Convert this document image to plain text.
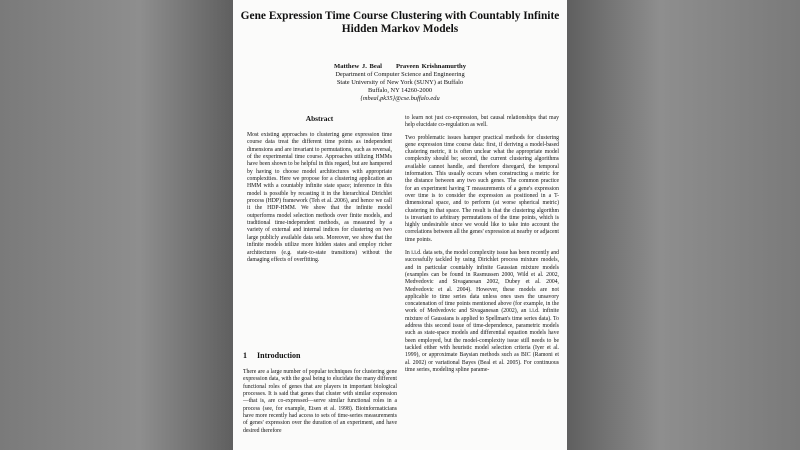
Gene Expression Time Course Clustering with Countably Infinite
Hidden Markov Models
Matthew J. Beal Praveen Krishnamurthy
Department of Computer Science and Engineering
State University of New York (SUNY) at Buffalo
Buffalo, NY 14260-2000
{mbeal,pk35}@cse.buffalo.edu
Abstract

Most existing approaches to clustering gene expression time course data treat the different time points as independent dimensions and are invariant to permutations, such as reversal, of the experimental time course. Approaches utilizing HMMs have been shown to be helpful in this regard, but are hampered by having to choose model architectures with appropriate complexities. Here we propose for a clustering application an HMM with a countably infinite state space; inference in this model is possible by recasting it in the hierarchical Dirichlet process (HDP) framework (Teh et al. 2006), and hence we call it the HDP-HMM. We show that the infinite model outperforms model selection methods over finite models, and traditional time-independent methods, as measured by a variety of external and internal indices for clustering on two large publicly available data sets. Moreover, we show that the infinite models utilize more hidden states and employ richer architectures (e.g. state-to-state transitions) without the damaging effects of overfitting.

1 Introduction

There are a large number of popular techniques for clustering gene expression data, with the goal being to elucidate the many different functional roles of genes that are players in important biological processes. It is said that genes that cluster with similar expression—that is, are co-expressed—serve similar functional roles in a process (see, for example, Eisen et al. 1998). Bioinformaticians have more recently had access to sets of time-series measurements of genes' expression over the duration of an experiment, and have desired therefore

to learn not just co-expression, but causal relationships that may help elucidate co-regulation as well.

Two problematic issues hamper practical methods for clustering gene expression time course data: first, if deriving a model-based clustering metric, it is often unclear what the appropriate model complexity should be; second, the current clustering algorithms available cannot handle, and therefore disregard, the temporal information. This usually occurs when constructing a metric for the distance between any two such genes. The common practice for an experiment having T measurements of a gene's expression over time is to consider the expression as positioned in a T-dimensional space, and to perform (at worse spherical metric) clustering in that space. The result is that the clustering algorithm is invariant to arbitrary permutations of the time points, which is highly undesirable since we would like to take into account the correlations between all the genes' expression at nearby or adjacent time points.

In i.i.d. data sets, the model complexity issue has been recently and successfully tackled by using Dirichlet process mixture models, and in particular countably infinite Gaussian mixture models (examples can be found in Rasmussen 2000, Wild et al. 2002, Medvedovic and Sivaganesan 2002, Dubey et al. 2004, Medvedovic et al. 2004). However, these models are not applicable to time series data unless ones uses the unsavory concatenation of time points mentioned above (for example, in the work of Medvedovic and Sivaganesan (2002), an i.i.d. infinite mixture of Gaussians is applied to Spellman's time series data). To address this second issue of time-dependence, parametric models such as state-space models and differential equation models have been employed, but the model-complexity issue still needs to be tackled either with heuristic model selection criteria (Iyer et al. 1999), or approximate Baysian methods such as BIC (Ramoni et al. 2002) or variational Bayes (Beal et al. 2005). For continuous time series, modeling spline parame-
